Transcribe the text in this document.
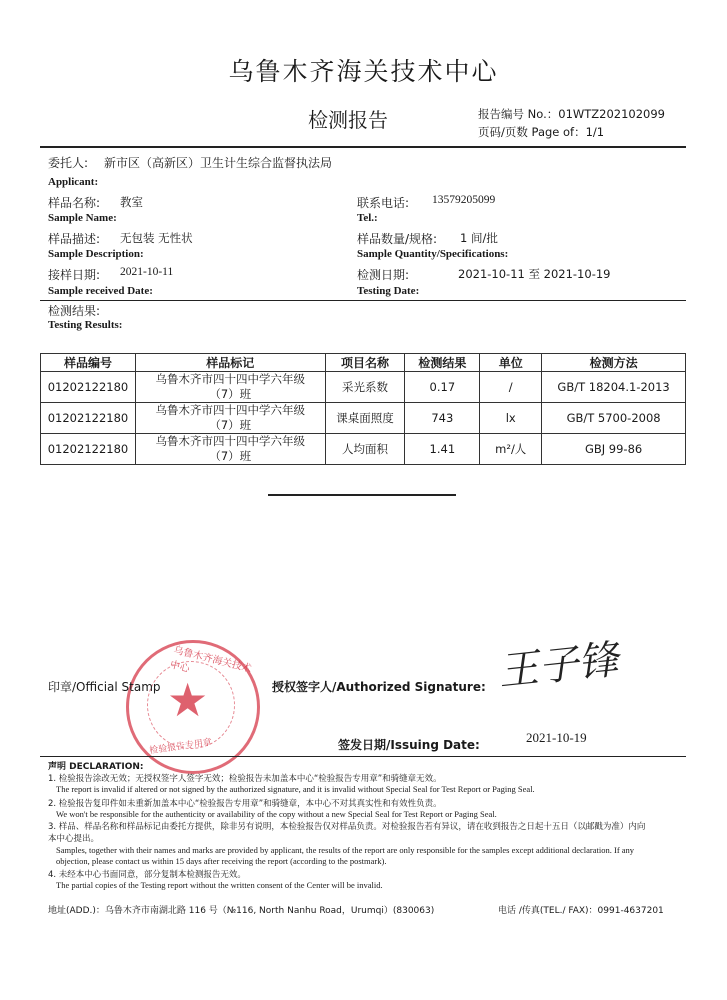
乌鲁木齐海关技术中心
检测报告	报告编号 No.：01WTZ202102099
页码/页数 Page of：1/1
委托人: 新市区（高新区）卫生计生综合监督执法局
Applicant:
样品名称: 教室
Sample Name:
联系电话: 13579205099
Tel.:
样品描述: 无包装 无性状
Sample Description:
样品数量/规格: 1 间/批
Sample Quantity/Specifications:
接样日期: 2021-10-11
Sample received Date:
检测日期:	2021-10-11 至 2021-10-19
Testing Date:
检测结果:
Testing Results:
样品编号	样品标记	项目名称	检测结果	单位	检测方法
01202122180	乌鲁木齐市四十四中学六年级
（7）班	采光系数	0.17	/	GB/T 18204.1-2013
01202122180	乌鲁木齐市四十四中学六年级
（7）班	课桌面照度	743	lx	GB/T 5700-2008
01202122180	乌鲁木齐市四十四中学六年级
（7）班	人均面积	1.41	m²/人	GBJ 99-86
★
乌鲁木齐海关技术中心
检验报告专用章
印章/Official Stamp	授权签字人/Authorized Signature: 王子锋
签发日期/Issuing Date:	2021-10-19
声明 DECLARATION:
1. 检验报告涂改无效；无授权签字人签字无效；检验报告未加盖本中心“检验报告专用章”和骑缝章无效。
The report is invalid if altered or not signed by the authorized signature, and it is invalid without Special Seal for Test Report or Paging Seal.
2. 检验报告复印件如未重新加盖本中心“检验报告专用章”和骑缝章，本中心不对其真实性和有效性负责。
We won't be responsible for the authenticity or availability of the copy without a new Special Seal for Test Report or Paging Seal.
3. 样品、样品名称和样品标记由委托方提供，除非另有说明，本检验报告仅对样品负责。对检验报告若有异议，请在收到报告之日起十五日（以邮戳为准）内向本中心提出。
Samples, together with their names and marks are provided by applicant, the results of the report are only responsible for the samples except additional declaration. If any objection, please contact us within 15 days after receiving the report (according to the postmark).
4. 未经本中心书面同意，部分复制本检测报告无效。
The partial copies of the Testing report without the written consent of the Center will be invalid.
地址(ADD.)：乌鲁木齐市南湖北路 116 号（№116, North Nanhu Road，Urumqi）(830063)	电话 /传真(TEL./ FAX)：0991-4637201
